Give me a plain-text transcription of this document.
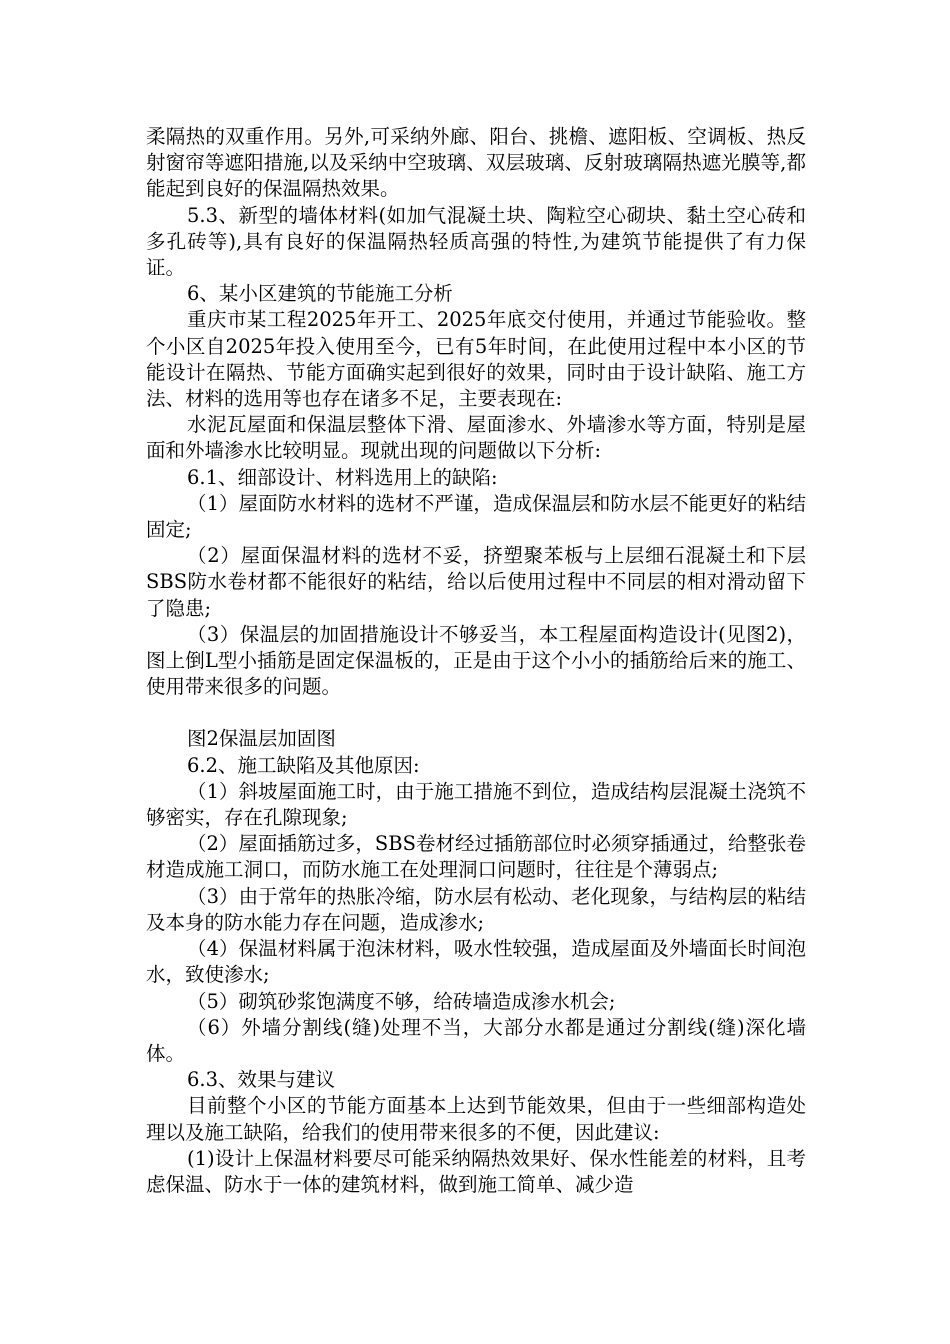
柔隔热的双重作用。另外,可采纳外廊、阳台、挑檐、遮阳板、空调板、热反射窗帘等遮阳措施,以及采纳中空玻璃、双层玻璃、反射玻璃隔热遮光膜等,都能起到良好的保温隔热效果。

5.3、新型的墙体材料(如加气混凝土块、陶粒空心砌块、黏土空心砖和多孔砖等),具有良好的保温隔热轻质高强的特性,为建筑节能提供了有力保证。

6、某小区建筑的节能施工分析

重庆市某工程2025年开工、2025年底交付使用，并通过节能验收。整个小区自2025年投入使用至今，已有5年时间，在此使用过程中本小区的节能设计在隔热、节能方面确实起到很好的效果，同时由于设计缺陷、施工方法、材料的选用等也存在诸多不足，主要表现在:

水泥瓦屋面和保温层整体下滑、屋面渗水、外墙渗水等方面，特别是屋面和外墙渗水比较明显。现就出现的问题做以下分析:

6.1、细部设计、材料选用上的缺陷:

（1）屋面防水材料的选材不严谨，造成保温层和防水层不能更好的粘结固定;

（2）屋面保温材料的选材不妥，挤塑聚苯板与上层细石混凝土和下层SBS防水卷材都不能很好的粘结，给以后使用过程中不同层的相对滑动留下了隐患;

（3）保温层的加固措施设计不够妥当，本工程屋面构造设计(见图2)，图上倒L型小插筋是固定保温板的，正是由于这个小小的插筋给后来的施工、使用带来很多的问题。

图2保温层加固图

6.2、施工缺陷及其他原因:

（1）斜坡屋面施工时，由于施工措施不到位，造成结构层混凝土浇筑不够密实，存在孔隙现象;

（2）屋面插筋过多，SBS卷材经过插筋部位时必须穿插通过，给整张卷材造成施工洞口，而防水施工在处理洞口问题时，往往是个薄弱点;

（3）由于常年的热胀冷缩，防水层有松动、老化现象，与结构层的粘结及本身的防水能力存在问题，造成渗水;

（4）保温材料属于泡沫材料，吸水性较强，造成屋面及外墙面长时间泡水，致使渗水;

（5）砌筑砂浆饱满度不够，给砖墙造成渗水机会;

（6）外墙分割线(缝)处理不当，大部分水都是通过分割线(缝)深化墙体。

6.3、效果与建议

目前整个小区的节能方面基本上达到节能效果，但由于一些细部构造处理以及施工缺陷，给我们的使用带来很多的不便，因此建议:

(1)设计上保温材料要尽可能采纳隔热效果好、保水性能差的材料，且考虑保温、防水于一体的建筑材料，做到施工简单、减少造
